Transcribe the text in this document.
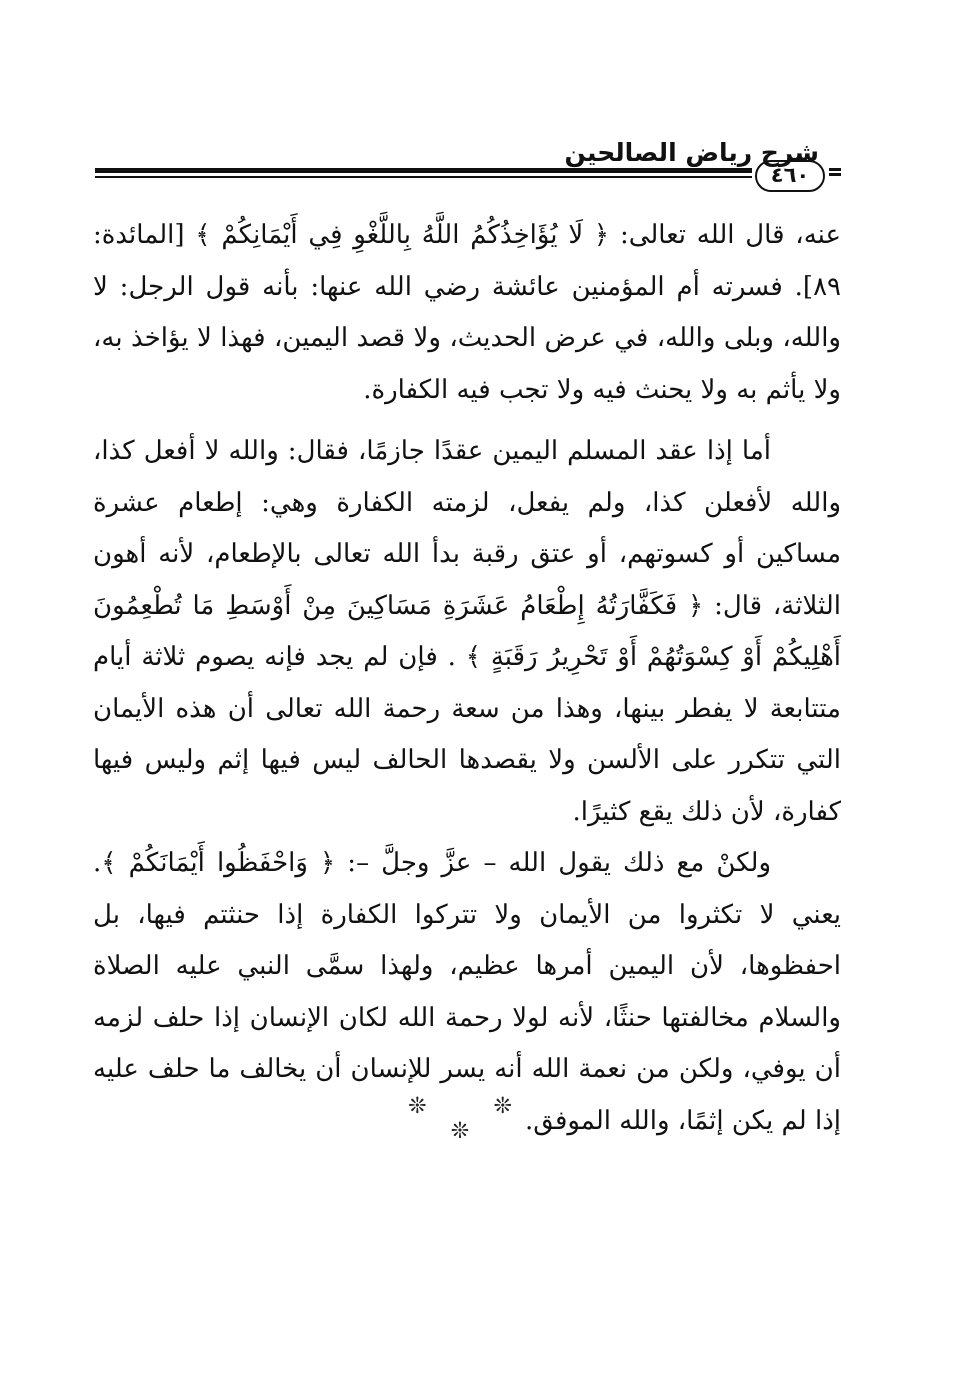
شرح رياض الصالحين
٤٦٠

عنه، قال الله تعالى: ﴿ لَا يُؤَاخِذُكُمُ اللَّهُ بِاللَّغْوِ فِي أَيْمَانِكُمْ ﴾ [المائدة: ٨٩]. فسرته أم المؤمنين عائشة رضي الله عنها: بأنه قول الرجل: لا والله، وبلى والله، في عرض الحديث، ولا قصد اليمين، فهذا لا يؤاخذ به، ولا يأثم به ولا يحنث فيه ولا تجب فيه الكفارة.

أما إذا عقد المسلم اليمين عقدًا جازمًا، فقال: والله لا أفعل كذا، والله لأفعلن كذا، ولم يفعل، لزمته الكفارة وهي: إطعام عشرة مساكين أو كسوتهم، أو عتق رقبة بدأ الله تعالى بالإطعام، لأنه أهون الثلاثة، قال: ﴿ فَكَفَّارَتُهُ إِطْعَامُ عَشَرَةِ مَسَاكِينَ مِنْ أَوْسَطِ مَا تُطْعِمُونَ أَهْلِيكُمْ أَوْ كِسْوَتُهُمْ أَوْ تَحْرِيرُ رَقَبَةٍ ﴾ . فإن لم يجد فإنه يصوم ثلاثة أيام متتابعة لا يفطر بينها، وهذا من سعة رحمة الله تعالى أن هذه الأيمان التي تتكرر على الألسن ولا يقصدها الحالف ليس فيها إثم وليس فيها كفارة، لأن ذلك يقع كثيرًا.

ولكنْ مع ذلك يقول الله – عزَّ وجلَّ –: ﴿ وَاحْفَظُوا أَيْمَانَكُمْ ﴾. يعني لا تكثروا من الأيمان ولا تتركوا الكفارة إذا حنثتم فيها، بل احفظوها، لأن اليمين أمرها عظيم، ولهذا سمَّى النبي عليه الصلاة والسلام مخالفتها حنثًا، لأنه لولا رحمة الله لكان الإنسان إذا حلف لزمه أن يوفي، ولكن من نعمة الله أنه يسر للإنسان أن يخالف ما حلف عليه إذا لم يكن إثمًا، والله الموفق.

❊ ❊ ❊
